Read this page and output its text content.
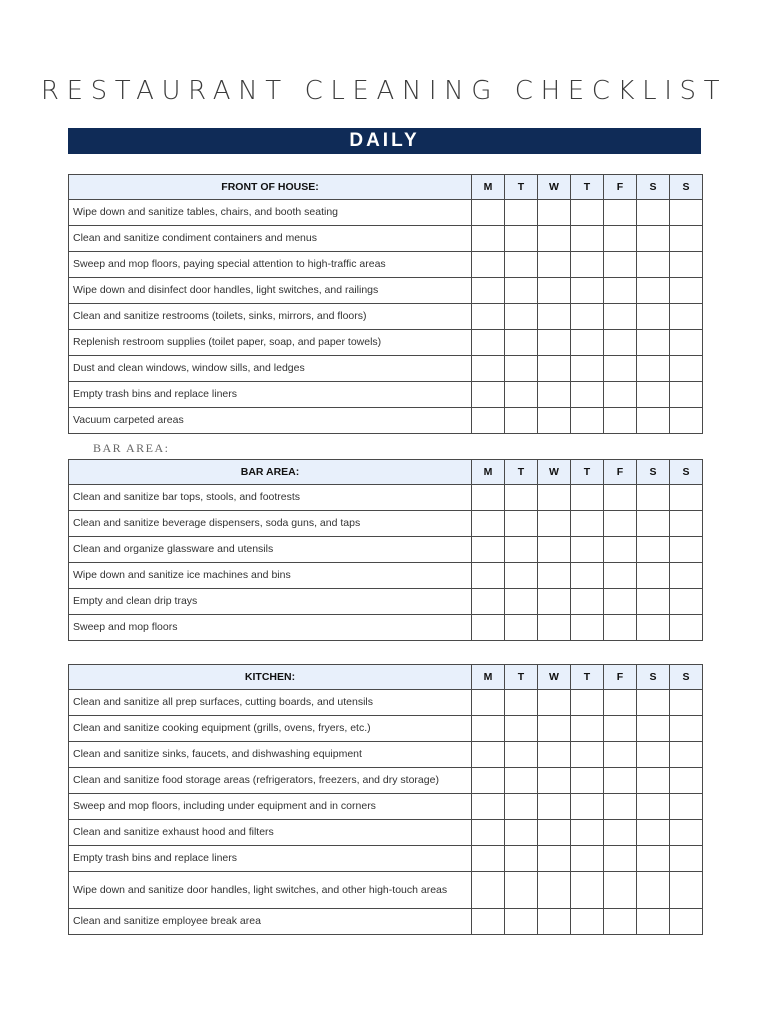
RESTAURANT CLEANING CHECKLIST
DAILY
FRONT OF HOUSE:	M	T	W	T	F	S	S
Wipe down and sanitize tables, chairs, and booth seating							
Clean and sanitize condiment containers and menus							
Sweep and mop floors, paying special attention to high-traffic areas							
Wipe down and disinfect door handles, light switches, and railings							
Clean and sanitize restrooms (toilets, sinks, mirrors, and floors)							
Replenish restroom supplies (toilet paper, soap, and paper towels)							
Dust and clean windows, window sills, and ledges							
Empty trash bins and replace liners							
Vacuum carpeted areas							
BAR AREA:
BAR AREA:	M	T	W	T	F	S	S
Clean and sanitize bar tops, stools, and footrests							
Clean and sanitize beverage dispensers, soda guns, and taps							
Clean and organize glassware and utensils							
Wipe down and sanitize ice machines and bins							
Empty and clean drip trays							
Sweep and mop floors							
KITCHEN:	M	T	W	T	F	S	S
Clean and sanitize all prep surfaces, cutting boards, and utensils							
Clean and sanitize cooking equipment (grills, ovens, fryers, etc.)							
Clean and sanitize sinks, faucets, and dishwashing equipment							
Clean and sanitize food storage areas (refrigerators, freezers, and dry storage)							
Sweep and mop floors, including under equipment and in corners							
Clean and sanitize exhaust hood and filters							
Empty trash bins and replace liners							
Wipe down and sanitize door handles, light switches, and other high-touch areas							
Clean and sanitize employee break area							
